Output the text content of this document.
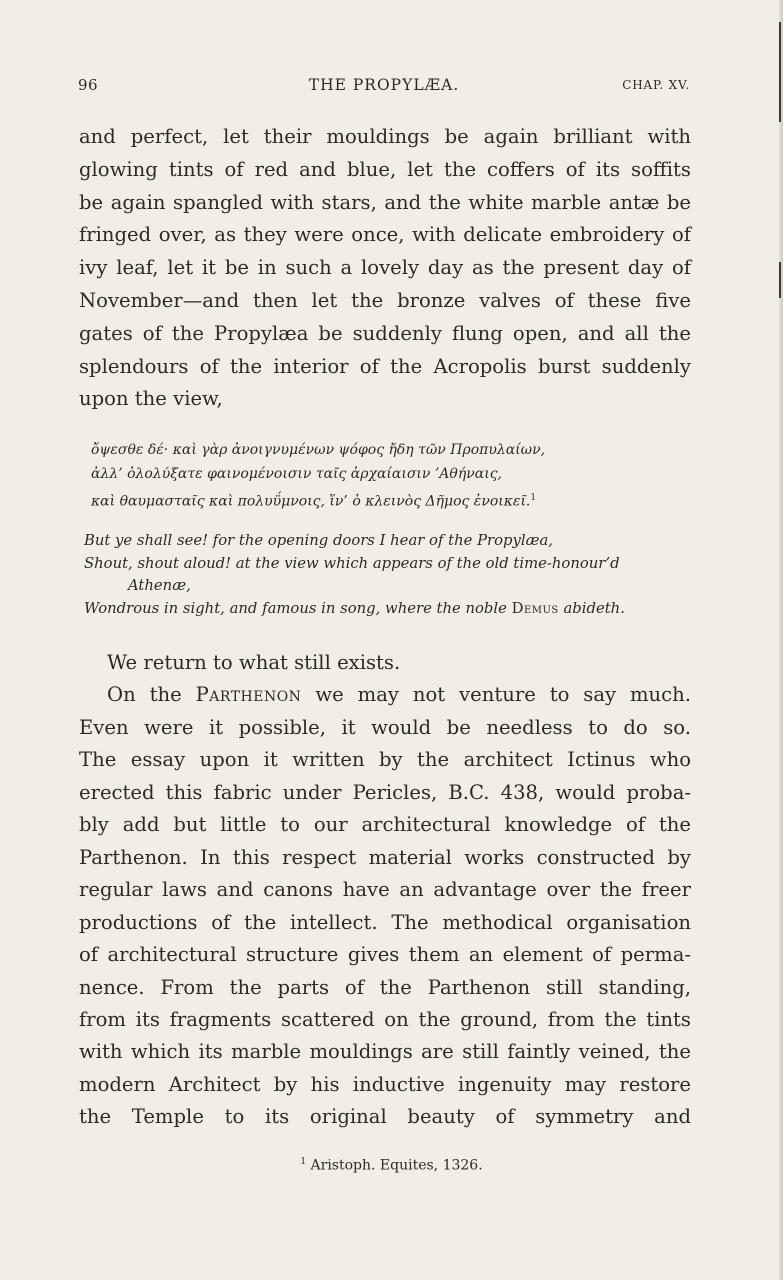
96	THE PROPYLÆA.	CHAP. XV.
and perfect, let their mouldings be again brilliant with
glowing tints of red and blue, let the coffers of its soffits
be again spangled with stars, and the white marble antæ be
fringed over, as they were once, with delicate embroidery of
ivy leaf, let it be in such a lovely day as the present day of
November—and then let the bronze valves of these five
gates of the Propylæa be suddenly flung open, and all the
splendours of the interior of the Acropolis burst suddenly
upon the view,
ὄψεσθε δέ· καὶ γὰρ ἀνοιγνυμένων ψόφος ἤδη τῶν Προπυλαίων,
ἀλλ’ ὀλολύξατε φαινομένοισιν ταῖς ἀρχαίαισιν ’Αθήναις,
καὶ θαυμασταῖς καὶ πολυΰμνοις, ἵν’ ὁ κλεινὸς Δῆμος ἐνοικεῖ.$^1$
But ye shall see! for the opening doors I hear of the Propylæa,
Shout, shout aloud! at the view which appears of the old time-honour’d
Athenæ,
Wondrous in sight, and famous in song, where the noble Demus abideth.
We return to what still exists.
On the Parthenon we may not venture to say much.
Even were it possible, it would be needless to do so.
The essay upon it written by the architect Ictinus who
erected this fabric under Pericles, B.C. 438, would proba-
bly add but little to our architectural knowledge of the
Parthenon. In this respect material works constructed by
regular laws and canons have an advantage over the freer
productions of the intellect. The methodical organisation
of architectural structure gives them an element of perma-
nence. From the parts of the Parthenon still standing,
from its fragments scattered on the ground, from the tints
with which its marble mouldings are still faintly veined, the
modern Architect by his inductive ingenuity may restore
the Temple to its original beauty of symmetry and
$^1$ Aristoph. Equites, 1326.
